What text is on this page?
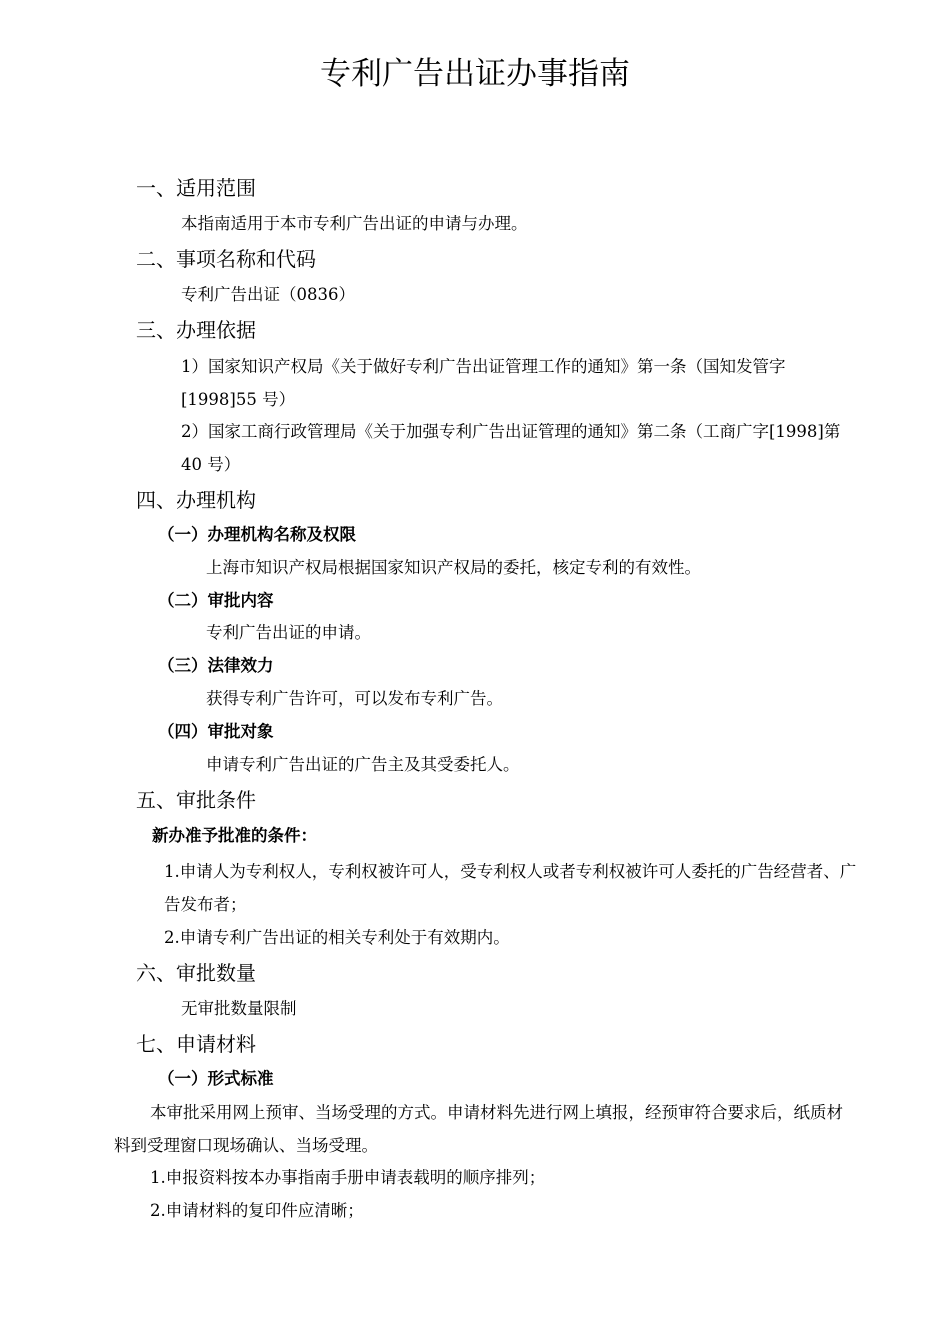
专利广告出证办事指南
一、适用范围
本指南适用于本市专利广告出证的申请与办理。
二、事项名称和代码
专利广告出证（0836）
三、办理依据
1）国家知识产权局《关于做好专利广告出证管理工作的通知》第一条（国知发管字[1998]55 号）
2）国家工商行政管理局《关于加强专利广告出证管理的通知》第二条（工商广字[1998]第 40 号）
四、办理机构
（一）办理机构名称及权限
上海市知识产权局根据国家知识产权局的委托，核定专利的有效性。
（二）审批内容
专利广告出证的申请。
（三）法律效力
获得专利广告许可，可以发布专利广告。
（四）审批对象
申请专利广告出证的广告主及其受委托人。
五、审批条件
新办准予批准的条件：
1.申请人为专利权人，专利权被许可人，受专利权人或者专利权被许可人委托的广告经营者、广告发布者；
2.申请专利广告出证的相关专利处于有效期内。
六、审批数量
无审批数量限制
七、申请材料
（一）形式标准
本审批采用网上预审、当场受理的方式。申请材料先进行网上填报，经预审符合要求后，纸质材料到受理窗口现场确认、当场受理。
1.申报资料按本办事指南手册申请表载明的顺序排列；
2.申请材料的复印件应清晰；
